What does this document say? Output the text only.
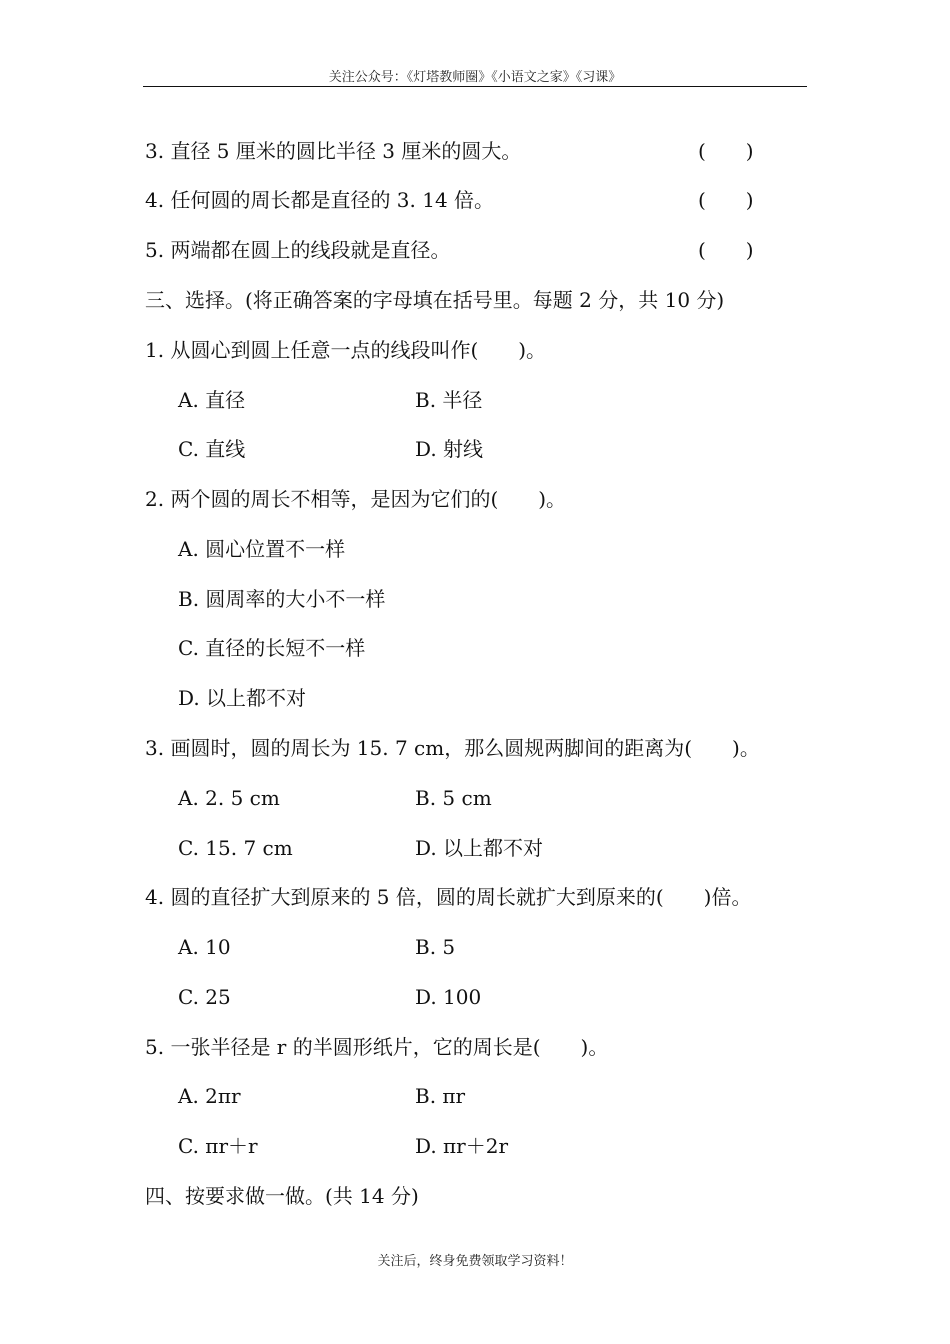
关注公众号：《灯塔教师圈》《小语文之家》《习课》
3. 直径 5 厘米的圆比半径 3 厘米的圆大。	(　　)
4. 任何圆的周长都是直径的 3. 14 倍。	(　　)
5. 两端都在圆上的线段就是直径。	(　　)
三、选择。(将正确答案的字母填在括号里。每题 2 分，共 10 分)
1. 从圆心到圆上任意一点的线段叫作(　　)。
A. 直径	B. 半径
C. 直线	D. 射线
2. 两个圆的周长不相等，是因为它们的(　　)。
A. 圆心位置不一样
B. 圆周率的大小不一样
C. 直径的长短不一样
D. 以上都不对
3. 画圆时，圆的周长为 15. 7 cm，那么圆规两脚间的距离为(　　)。
A. 2. 5 cm	B. 5 cm
C. 15. 7 cm	D. 以上都不对
4. 圆的直径扩大到原来的 5 倍，圆的周长就扩大到原来的(　　)倍。
A. 10	B. 5
C. 25	D. 100
5. 一张半径是 r 的半圆形纸片，它的周长是(　　)。
A. 2πr	B. πr
C. πr＋r	D. πr＋2r
四、按要求做一做。(共 14 分)
关注后，终身免费领取学习资料！
